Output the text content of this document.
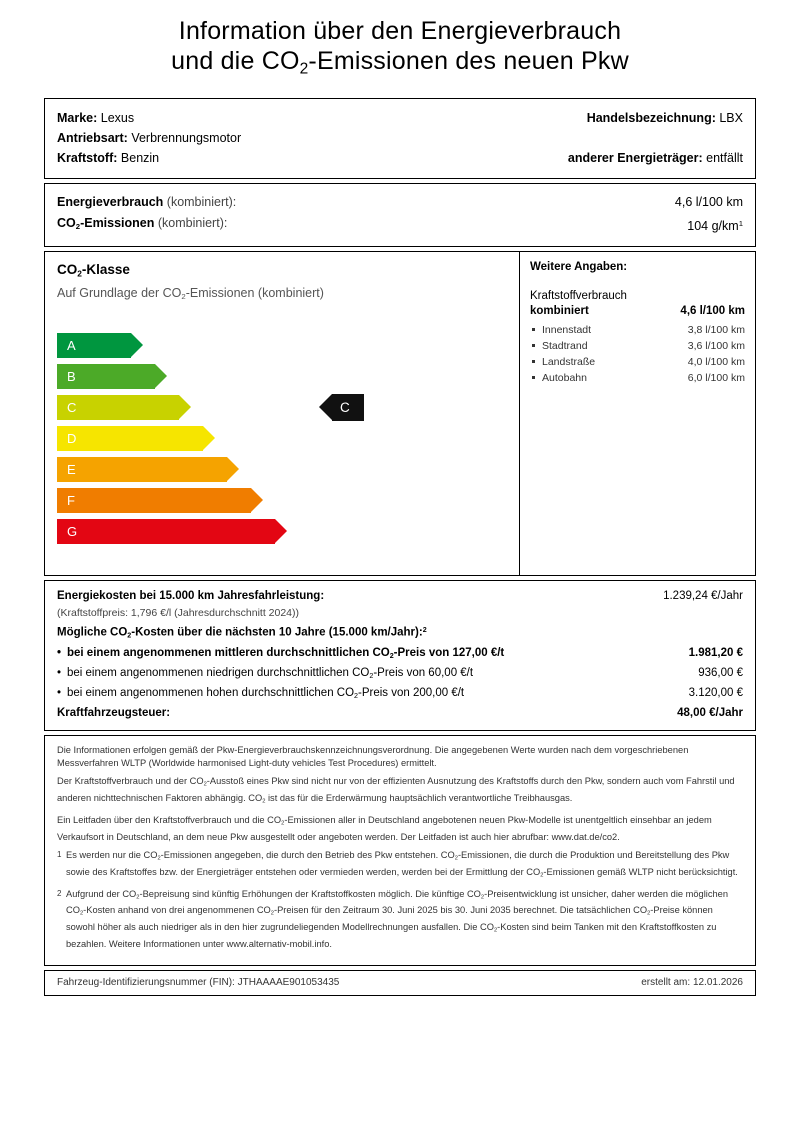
Information über den Energieverbrauch
und die $CO_2$-Emissionen des neuen Pkw
Marke: Lexus	Handelsbezeichnung: LBX
Antriebsart: Verbrennungsmotor
Kraftstoff: Benzin	anderer Energieträger: entfällt
Energieverbrauch (kombiniert):	4,6 l/100 km
$CO_2$-Emissionen (kombiniert):	104 $g/km^1$
$CO_2$-Klasse
Auf Grundlage der $CO_2$-Emissionen (kombiniert)
A
B
C	C
D
E
F
G
Weitere Angaben:
Kraftstoffverbrauch
kombiniert	4,6 l/100 km
Innenstadt	3,8 l/100 km
Stadtrand	3,6 l/100 km
Landstraße	4,0 l/100 km
Autobahn	6,0 l/100 km
Energiekosten bei 15.000 km Jahresfahrleistung:	1.239,24 €/Jahr
(Kraftstoffpreis: 1,796 €/l (Jahresdurchschnitt 2024))
Mögliche $CO_2$-Kosten über die nächsten 10 Jahre (15.000 km/Jahr):$^2$
• bei einem angenommenen mittleren durchschnittlichen $CO_2$-Preis von 127,00 €/t	1.981,20 €
• bei einem angenommenen niedrigen durchschnittlichen $CO_2$-Preis von 60,00 €/t	936,00 €
• bei einem angenommenen hohen durchschnittlichen $CO_2$-Preis von 200,00 €/t	3.120,00 €
Kraftfahrzeugsteuer:	48,00 €/Jahr

Die Informationen erfolgen gemäß der Pkw-Energieverbrauchskennzeichnungsverordnung. Die angegebenen Werte wurden nach dem vorgeschriebenen Messverfahren WLTP (Worldwide harmonised Light-duty vehicles Test Procedures) ermittelt.

Der Kraftstoffverbrauch und der $CO_2$-Ausstoß eines Pkw sind nicht nur von der effizienten Ausnutzung des Kraftstoffs durch den Pkw, sondern auch vom Fahrstil und anderen nichttechnischen Faktoren abhängig. $CO_2$ ist das für die Erderwärmung hauptsächlich verantwortliche Treibhausgas.

Ein Leitfaden über den Kraftstoffverbrauch und die $CO_2$-Emissionen aller in Deutschland angebotenen neuen Pkw-Modelle ist unentgeltlich einsehbar an jedem Verkaufsort in Deutschland, an dem neue Pkw ausgestellt oder angeboten werden. Der Leitfaden ist auch hier abrufbar: www.dat.de/co2.

1 Es werden nur die $CO_2$-Emissionen angegeben, die durch den Betrieb des Pkw entstehen. $CO_2$-Emissionen, die durch die Produktion und Bereitstellung des Pkw sowie des Kraftstoffes bzw. der Energieträger entstehen oder vermieden werden, werden bei der Ermittlung der $CO_2$-Emissionen gemäß WLTP nicht berücksichtigt.

2 Aufgrund der $CO_2$-Bepreisung sind künftig Erhöhungen der Kraftstoffkosten möglich. Die künftige $CO_2$-Preisentwicklung ist unsicher, daher werden die möglichen $CO_2$-Kosten anhand von drei angenommenen $CO_2$-Preisen für den Zeitraum 30. Juni 2025 bis 30. Juni 2035 berechnet. Die tatsächlichen $CO_2$-Preise können sowohl höher als auch niedriger als in den hier zugrundeliegenden Modellrechnungen ausfallen. Die $CO_2$-Kosten sind beim Tanken mit den Kraftstoffkosten zu bezahlen. Weitere Informationen unter www.alternativ-mobil.info.

Fahrzeug-Identifizierungsnummer (FIN): JTHAAAAE901053435	erstellt am: 12.01.2026
